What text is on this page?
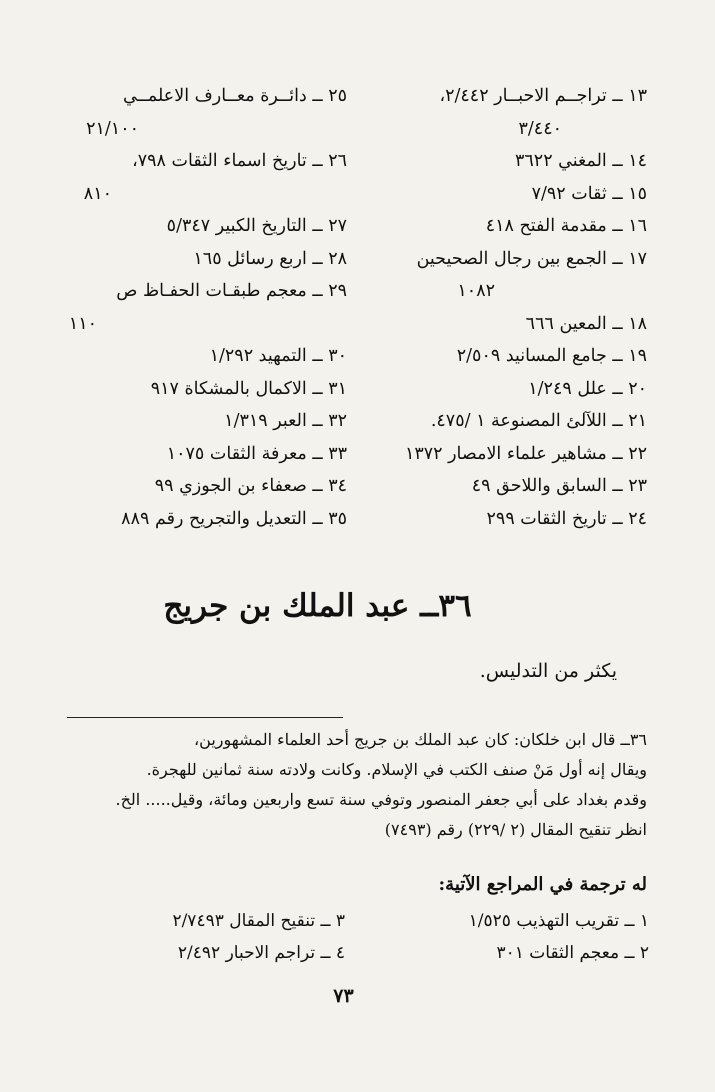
١٣ ــ تراجــم الاحبــار ٢/٤٤٢،
٣/٤٤٠
١٤ ــ المغني ٣٦٢٢
١٥ ــ ثقات ٧/٩٢
١٦ ــ مقدمة الفتح ٤١٨
١٧ ــ الجمع بين رجال الصحيحين
١٠٨٢
١٨ ــ المعين ٦٦٦
١٩ ــ جامع المسانيد ٢/٥٠٩
٢٠ ــ علل ١/٢٤٩
٢١ ــ اللآلئ المصنوعة ١ /٤٧٥.
٢٢ ــ مشاهير علماء الامصار ١٣٧٢
٢٣ ــ السابق واللاحق ٤٩
٢٤ ــ تاريخ الثقات ٢٩٩
٢٥ ــ دائــرة معــارف الاعلمــي
٢١/١٠٠
٢٦ ــ تاريخ اسماء الثقات ٧٩٨،
٨١٠
٢٧ ــ التاريخ الكبير ٥/٣٤٧
٢٨ ــ اربع رسائل ١٦٥
٢٩ ــ معجم طبقـات الحفـاظ ص
١١٠
٣٠ ــ التمهيد ١/٢٩٢
٣١ ــ الاكمال بالمشكاة ٩١٧
٣٢ ــ العبر ١/٣١٩
٣٣ ــ معرفة الثقات ١٠٧٥
٣٤ ــ صعفاء بن الجوزي ٩٩
٣٥ ــ التعديل والتجريح رقم ٨٨٩
٣٦ــ عبد الملك بن جريج
يكثر من التدليس.

٣٦ــ قال ابن خلكان: كان عبد الملك بن جريج أحد العلماء المشهورين،

ويقال إنه أول مَنْ صنف الكتب في الإسلام. وكانت ولادته سنة ثمانين للهجرة.

وقدم بغداد على أبي جعفر المنصور وتوفي سنة تسع واربعين ومائة، وقيل..... الخ.

انظر تنقيح المقال (٢ /٢٢٩) رقم (٧٤٩٣)

له ترجمة في المراجع الآتية:
١ ــ تقريب التهذيب ١/٥٢٥
٢ ــ معجم الثقات ٣٠١
٣ ــ تنقيح المقال ٢/٧٤٩٣
٤ ــ تراجم الاحبار ٢/٤٩٢
٧٣
